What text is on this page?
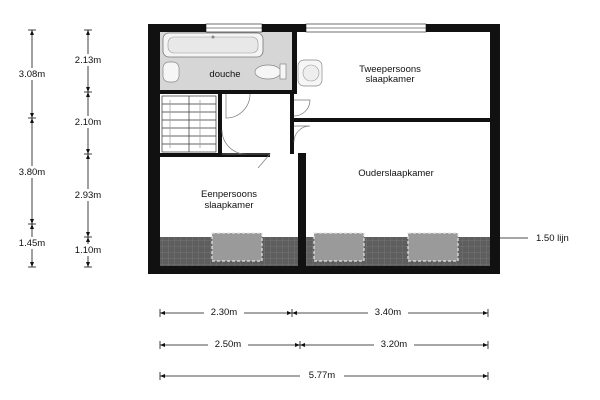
douche	Tweepersoons
slaapkamer
Ouderslaapkamer
Eenpersoons
slaapkamer
1.50 lijn
3.08m
3.80m
1.45m
2.13m
2.10m
2.93m
1.10m
2.30m	3.40m
2.50m	3.20m
5.77m
